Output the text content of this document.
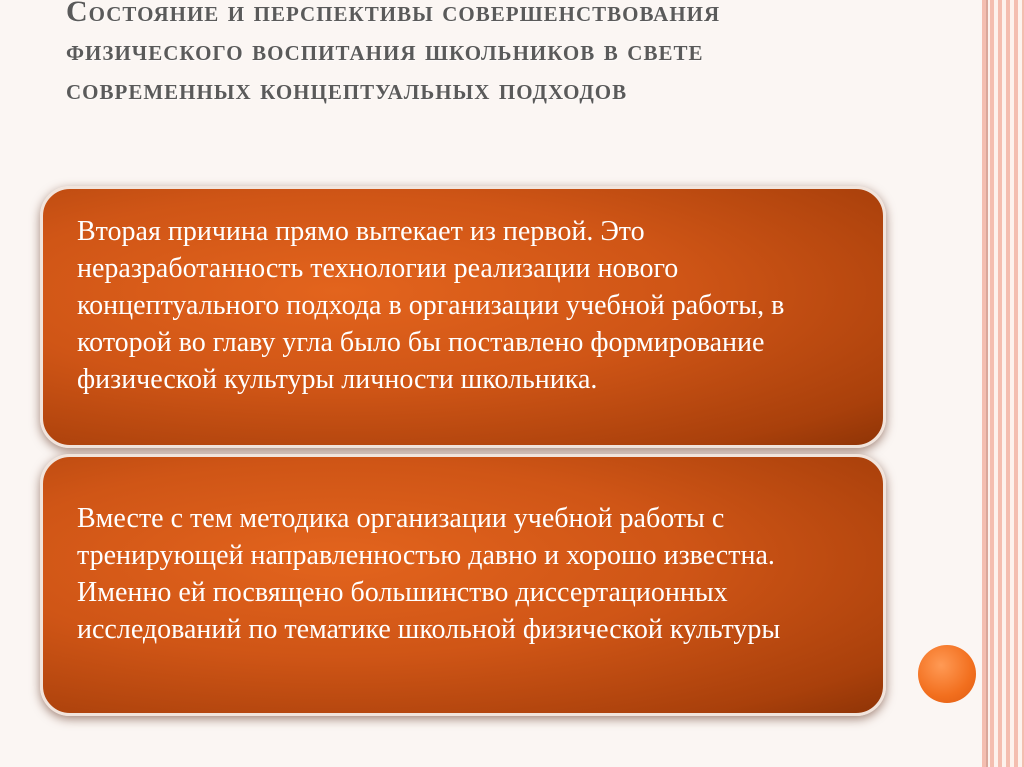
Состояние и перспективы совершенствования физического воспитания школьников в свете современных концептуальных подходов

Вторая причина прямо вытекает из первой. Это неразработанность технологии реализации нового концептуального подхода в организации учебной работы, в которой во главу угла было бы поставлено формирование физической культуры личности школьника.

Вместе с тем методика организации учебной работы с тренирующей направленностью давно и хорошо известна. Именно ей посвящено большинство диссертационных исследований по тематике школьной физической культуры
